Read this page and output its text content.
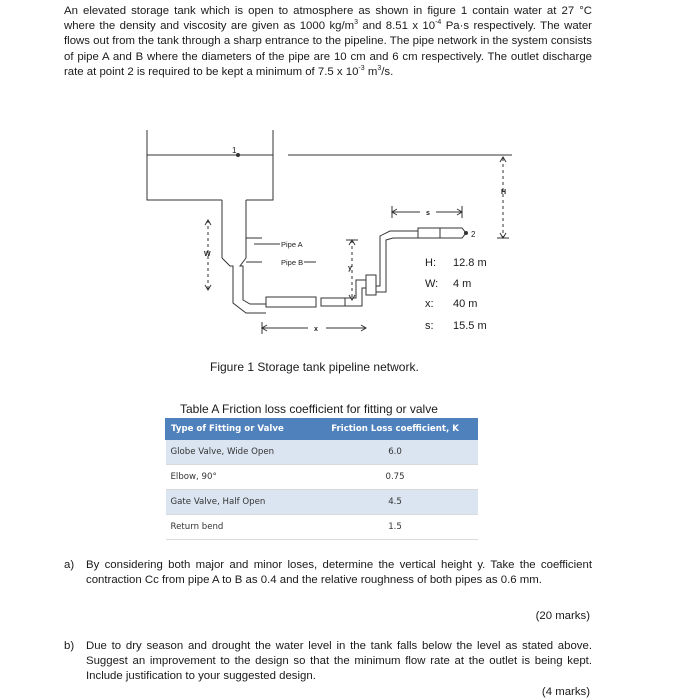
An elevated storage tank which is open to atmosphere as shown in figure 1 contain water at 27 °C where the density and viscosity are given as 1000 $kg/m^3$ and 8.51 x $10^{-4}$ Pa·s respectively. The water flows out from the tank through a sharp entrance to the pipeline. The pipe network in the system consists of pipe A and B where the diameters of the pipe are 10 cm and 6 cm respectively. The outlet discharge rate at point 2 is required to be kept a minimum of 7.5 x $10^{-3}$ $m^3/s$.
1
2
Pipe A
Pipe B
H
W
y
x
s
H: 12.8 m
W: 4 m
x: 40 m
s: 15.5 m
Figure 1 Storage tank pipeline network.
Table A Friction loss coefficient for fitting or valve
Type of Fitting or Valve	Friction Loss coefficient, K
Globe Valve, Wide Open	6.0
Elbow, 90°	0.75
Gate Valve, Half Open	4.5
Return bend	1.5
a) By considering both major and minor loses, determine the vertical height y. Take the coefficient contraction Cc from pipe A to B as 0.4 and the relative roughness of both pipes as 0.6 mm.
(20 marks)
b) Due to dry season and drought the water level in the tank falls below the level as stated above. Suggest an improvement to the design so that the minimum flow rate at the outlet is being kept. Include justification to your suggested design.
(4 marks)
